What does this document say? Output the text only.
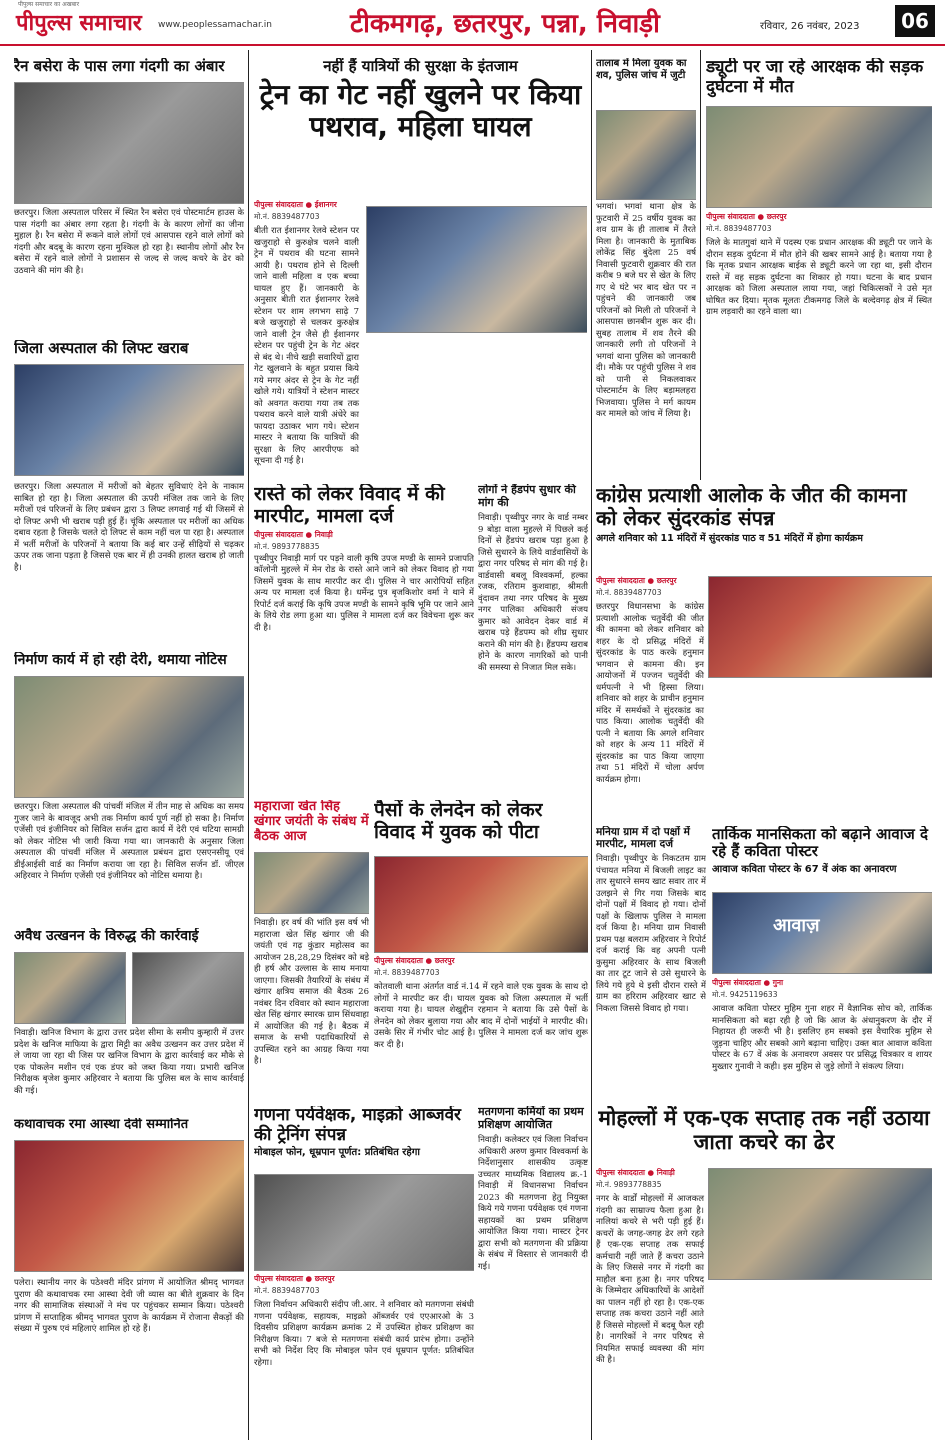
पीपुल्स समाचार का अखबार
पीपुल्स समाचार www.peoplessamachar.in	टीकमगढ़, छतरपुर, पन्ना, निवाड़ी	रविवार, 26 नवंबर, 2023	06
रैन बसेरा के पास लगा गंदगी का अंबार

छतरपुर। जिला अस्पताल परिसर में स्थित रैन बसेरा एवं पोस्टमार्टम हाउस के पास गंदगी का अंबार लगा रहता है। गंदगी के के कारण लोगों का जीना मुहाल है। रैन बसेरा में रूकने वाले लोगों एवं आसपास रहने वाले लोगों को गंदगी और बदबू के कारण रहना मुश्किल हो रहा है। स्थानीय लोगों और रैन बसेरा में रहने वाले लोगों ने प्रशासन से जल्द से जल्द कचरे के ढेर को उठवाने की मांग की है।

जिला अस्पताल की लिफ्ट खराब

छतरपुर। जिला अस्पताल में मरीजों को बेहतर सुविधाएं देने के नाकाम साबित हो रहा है। जिला अस्पताल की ऊपरी मंजिल तक जाने के लिए मरीजों एवं परिजनों के लिए प्रबंधन द्वारा 3 लिफ्ट लगवाई गई थी जिसमें से दो लिफ्ट अभी भी खराब पड़ी हुई हैं। चूंकि अस्पताल पर मरीजों का अधिक दबाव रहता है जिसके चलते दो लिफ्ट से काम नहीं चल पा रहा है। अस्पताल में भर्ती मरीजों के परिजनों ने बताया कि कई बार उन्हें सीढ़ियों से चढ़कर ऊपर तक जाना पड़ता है जिससे एक बार में ही उनकी हालत खराब हो जाती है।

निर्माण कार्य में हो रही देरी, थमाया नोटिस

छतरपुर। जिला अस्पताल की पांचवीं मंजिल में तीन माह से अधिक का समय गुजर जाने के बावजूद अभी तक निर्माण कार्य पूर्ण नहीं हो सका है। निर्माण एजेंसी एवं इंजीनियर को सिविल सर्जन द्वारा कार्य में देरी एवं घटिया सामग्री को लेकर नोटिस भी जारी किया गया था। जानकारी के अनुसार जिला अस्पताल की पांचवीं मंजिल में अस्पताल प्रबंधन द्वारा एसएनसीयू एवं डीईआईसी वार्ड का निर्माण कराया जा रहा है। सिविल सर्जन डॉ. जीएल अहिरवार ने निर्माण एजेंसी एवं इंजीनियर को नोटिस थमाया है।

अवैध उत्खनन के विरुद्ध की कार्रवाई

निवाड़ी। खनिज विभाग के द्वारा उत्तर प्रदेश सीमा के समीप कुम्हारी में उत्तर प्रदेश के खनिज माफिया के द्वारा मिट्टी का अवैध उत्खनन कर उत्तर प्रदेश में ले जाया जा रहा थी जिस पर खनिज विभाग के द्वारा कार्रवाई कर मौके से एक पोकलेन मशीन एवं एक डंपर को जब्त किया गया। प्रभारी खनिज निरीक्षक बृजेश कुमार अहिरवार ने बताया कि पुलिस बल के साथ कार्रवाई की गई।

कथावाचक रमा आस्था देवी सम्मानित

पलेरा। स्थानीय नगर के पठेश्वरी मंदिर प्रांगण में आयोजित श्रीमद् भागवत पुराण की कथावाचक रमा आस्था देवी जी व्यास का बीते शुक्रवार के दिन नगर की सामाजिक संस्थाओं ने मंच पर पहुंचकर सम्मान किया। पठेश्वरी प्रांगण में सप्ताहिक श्रीमद् भागवत पुराण के कार्यक्रम में रोजाना सैकड़ों की संख्या में पुरुष एवं महिलाएं शामिल हो रहे हैं।

नहीं हैं यात्रियों की सुरक्षा के इंतजाम
ट्रेन का गेट नहीं खुलने पर किया पथराव, महिला घायल
पीपुल्स संवाददाता ● ईशानगर
मो.नं. 8839487703

बीती रात ईशानगर रेलवे स्टेशन पर खजुराहो से कुरुक्षेत्र चलने वाली ट्रेन में पथराव की घटना सामने आयी है। पथराव होने से दिल्ली जाने वाली महिला व एक बच्चा घायल हुए हैं। जानकारी के अनुसार बीती रात ईशानगर रेलवे स्टेशन पर शाम लगभग साढ़े 7 बजे खजुराहो से चलकर कुरुक्षेत्र जाने वाली ट्रेन जैसे ही ईशानगर स्टेशन पर पहुंची ट्रेन के गेट अंदर से बंद थे। नीचे खड़ी सवारियों द्वारा गेट खुलवाने के बहुत प्रयास किये गये मगर अंदर से ट्रेन के गेट नहीं खोले गये। यात्रियों ने स्टेशन मास्टर को अवगत कराया गया तब तक पथराव करने वाले यात्री अंधेरे का फायदा उठाकर भाग गये। स्टेशन मास्टर ने बताया कि यात्रियों की सुरक्षा के लिए आरपीएफ को सूचना दी गई है।

रास्ते को लेकर विवाद में की मारपीट, मामला दर्ज
पीपुल्स संवाददाता ● निवाड़ी
मो.नं. 9893778835

पृथ्वीपुर निवाड़ी मार्ग पर पड़ने वाली कृषि उपज मण्डी के सामने प्रजापति कॉलोनी मुहल्ले में मेन रोड के रास्ते आने जाने को लेकर विवाद हो गया जिसमें युवक के साथ मारपीट कर दी। पुलिस ने चार आरोपियों सहित अन्य पर मामला दर्ज किया है। धर्मेन्द्र पुत्र बृजकिशोर वर्मा ने थाने में रिपोर्ट दर्ज कराई कि कृषि उपज मण्डी के सामने कृषि भूमि पर जाने आने के लिये रोड लगा हुआ था। पुलिस ने मामला दर्ज कर विवेचना शुरू कर दी है।

लोगों ने हैंडपंप सुधार की मांग की

निवाड़ी। पृथ्वीपुर नगर के वार्ड नम्बर 9 बोड़ा वाला मुहल्ले में पिछले कई दिनों से हैंडपंप खराब पड़ा हुआ है जिसे सुधारने के लिये वार्डवासियों के द्वारा नगर परिषद से मांग की गई है। वार्डवासी बबलू विश्वकर्मा, हल्का रजक, रतिराम कुशवाहा, श्रीमती वृंदावन तथा नगर परिषद के मुख्य नगर पालिका अधिकारी संजय कुमार को आवेदन देकर वार्ड में खराब पड़े हैंडपम्प को शीघ्र सुधार कराने की मांग की है। हैंडपम्प खराब होने के कारण नागरिकों को पानी की समस्या से निजात मिल सके।

महाराजा खेत सिंह खंगार जयंती के संबंध में बैठक आज

निवाड़ी। हर वर्ष की भांति इस वर्ष भी महाराजा खेत सिंह खंगार जी की जयंती एवं गढ़ कुंडार महोत्सव का आयोजन 28,28,29 दिसंबर को बड़े ही हर्ष और उल्लास के साथ मनाया जाएगा। जिसकी तैयारियों के संबंध में खंगार क्षत्रिय समाज की बैठक 26 नवंबर दिन रविवार को स्थान महाराजा खेत सिंह खंगार स्मारक ग्राम सिंधवाहा में आयोजित की गई है। बैठक में समाज के सभी पदाधिकारियों से उपस्थित रहने का आग्रह किया गया है।

पैसों के लेनदेन को लेकर विवाद में युवक को पीटा
पीपुल्स संवाददाता ● छतरपुर
मो.नं. 8839487703

कोतवाली थाना अंतर्गत वार्ड नं.14 में रहने वाले एक युवक के साथ दो लोगों ने मारपीट कर दी। घायल युवक को जिला अस्पताल में भर्ती कराया गया है। घायल शेखुद्दीन रहमान ने बताया कि उसे पैसों के लेनदेन को लेकर बुलाया गया और बाद में दोनों भाईयों ने मारपीट की। उसके सिर में गंभीर चोट आई है। पुलिस ने मामला दर्ज कर जांच शुरू कर दी है।

गणना पर्यवेक्षक, माइक्रो आब्जर्वर की ट्रेनिंग संपन्न
मोबाइल फोन, धूम्रपान पूर्णत: प्रतिबंधित रहेगा
पीपुल्स संवाददाता ● छतरपुर
मो.नं. 8839487703

जिला निर्वाचन अधिकारी संदीप जी.आर. ने शनिवार को मतगणना संबंधी गणना पर्यवेक्षक, सहायक, माइक्रो ऑब्जर्वर एवं एएआरओ के 3 दिवसीय प्रशिक्षण कार्यक्रम क्रमांक 2 में उपस्थित होकर प्रशिक्षण का निरीक्षण किया। 7 बजे से मतगणना संबंधी कार्य प्रारंभ होगा। उन्होंने सभी को निर्देश दिए कि मोबाइल फोन एवं धूम्रपान पूर्णत: प्रतिबंधित रहेगा।

मतगणना कर्मियों का प्रथम प्रशिक्षण आयोजित

निवाड़ी। कलेक्टर एवं जिला निर्वाचन अधिकारी अरुण कुमार विश्वकर्मा के निर्देशानुसार शासकीय उत्कृष्ट उच्चतर माध्यमिक विद्यालय क्र.-1 निवाड़ी में विधानसभा निर्वाचन 2023 की मतगणना हेतु नियुक्त किये गये गणना पर्यवेक्षक एवं गणना सहायकों का प्रथम प्रशिक्षण आयोजित किया गया। मास्टर ट्रेनर द्वारा सभी को मतगणना की प्रक्रिया के संबंध में विस्तार से जानकारी दी गई।

तालाब में मिला युवक का शव, पुलिस जांच में जुटी

भगवां। भगवां थाना क्षेत्र के फुटवारी में 25 वर्षीय युवक का शव ग्राम के ही तालाब में तैरते मिला है। जानकारी के मुताबिक लोकेंद्र सिंह बुंदेला 25 वर्ष निवासी फुटवारी शुक्रवार की रात करीब 9 बजे घर से खेत के लिए गए थे घंटे भर बाद खेत पर न पहुंचने की जानकारी जब परिजनों को मिली तो परिजनों ने आसपास छानबीन शुरू कर दी। सुबह तालाब में शव तैरने की जानकारी लगी तो परिजनों ने भगवां थाना पुलिस को जानकारी दी। मौके पर पहुंची पुलिस ने शव को पानी से निकलवाकर पोस्टमार्टम के लिए बड़ामलहरा भिजवाया। पुलिस ने मर्ग कायम कर मामले को जांच में लिया है।

ड्यूटी पर जा रहे आरक्षक की सड़क दुर्घटना में मौत
पीपुल्स संवाददाता ● छतरपुर
मो.नं. 8839487703

जिले के मातगुवां थाने में पदस्थ एक प्रधान आरक्षक की ड्यूटी पर जाने के दौरान सड़क दुर्घटना में मौत होने की खबर सामने आई है। बताया गया है कि मृतक प्रधान आरक्षक बाईक से ड्यूटी करने जा रहा था, इसी दौरान रास्ते में वह सड़क दुर्घटना का शिकार हो गया। घटना के बाद प्रधान आरक्षक को जिला अस्पताल लाया गया, जहां चिकित्सकों ने उसे मृत घोषित कर दिया। मृतक मूलतः टीकमगढ़ जिले के बल्देवगढ़ क्षेत्र में स्थित ग्राम लड़वारी का रहने वाला था।

कांग्रेस प्रत्याशी आलोक के जीत की कामना को लेकर सुंदरकांड संपन्न
अगले शनिवार को 11 मंदिरों में सुंदरकांड पाठ व 51 मंदिरों में होगा कार्यक्रम
पीपुल्स संवाददाता ● छतरपुर
मो.नं. 8839487703

छतरपुर विधानसभा के कांग्रेस प्रत्याशी आलोक चतुर्वेदी की जीत की कामना को लेकर शनिवार को शहर के दो प्रसिद्ध मंदिरों में सुंदरकांड के पाठ करके हनुमान भगवान से कामना की। इन आयोजनों में पज्जन चतुर्वेदी की धर्मपत्नी ने भी हिस्सा लिया। शनिवार को शहर के प्राचीन हनुमान मंदिर में समर्थकों ने सुंदरकांड का पाठ किया। आलोक चतुर्वेदी की पत्नी ने बताया कि अगले शनिवार को शहर के अन्य 11 मंदिरों में सुंदरकांड का पाठ किया जाएगा तथा 51 मंदिरों में चोला अर्पण कार्यक्रम होगा।

मनिया ग्राम में दो पक्षों में मारपीट, मामला दर्ज

निवाड़ी। पृथ्वीपुर के निकटतम ग्राम पंचायत मनिया में बिजली लाइट का तार सुधारने समय खाट सवार तार में उलझने से गिर गया जिसके बाद दोनों पक्षों में विवाद हो गया। दोनों पक्षों के खिलाफ पुलिस ने मामला दर्ज किया है। मनिया ग्राम निवासी प्रथम पक्ष बलराम अहिरवार ने रिपोर्ट दर्ज कराई कि वह अपनी पत्नी कुसुमा अहिरवार के साथ बिजली का तार टूट जाने से उसे सुधारने के लिये गये हुये थे इसी दौरान रास्ते में ग्राम का हरिराम अहिरवार खाट से निकला जिससे विवाद हो गया।

तार्किक मानसिकता को बढ़ाने आवाज दे रहे हैं कविता पोस्टर
आवाज कविता पोस्टर के 67 वें अंक का अनावरण
आवाज़
पीपुल्स संवाददाता ● गुना
मो.नं. 9425119633

आवाज कविता पोस्टर मुहिम गुना शहर में वैज्ञानिक सोच को, तार्किक मानसिकता को बढ़ा रही है जो कि आज के अंधानुकरण के दौर में निहायत ही जरूरी भी है। इसलिए हम सबको इस वैचारिक मुहिम से जुड़ना चाहिए और सबको आगे बढ़ाना चाहिए। उक्त बात आवाज कविता पोस्टर के 67 वें अंक के अनावरण अवसर पर प्रसिद्ध चित्रकार व शायर मुख्तार गुनावी ने कही। इस मुहिम से जुड़े लोगों ने संकल्प लिया।

मोहल्लों में एक-एक सप्ताह तक नहीं उठाया जाता कचरे का ढेर
पीपुल्स संवाददाता ● निवाड़ी
मो.नं. 9893778835

नगर के वार्डों मोहल्लों में आजकल गंदगी का साम्राज्य फैला हुआ है। नालियां कचरे से भरी पड़ी हुई हैं। कचरों के जगह-जगह ढेर लगे रहते हैं एक-एक सप्ताह तक सफाई कर्मचारी नहीं जाते हैं कचरा उठाने के लिए जिससे नगर में गंदगी का माहौल बना हुआ है। नगर परिषद के जिम्मेदार अधिकारियों के आदेशों का पालन नहीं हो रहा है। एक-एक सप्ताह तक कचरा उठाने नहीं आते हैं जिससे मोहल्लों में बदबू फैल रही है। नागरिकों ने नगर परिषद से नियमित सफाई व्यवस्था की मांग की है।
